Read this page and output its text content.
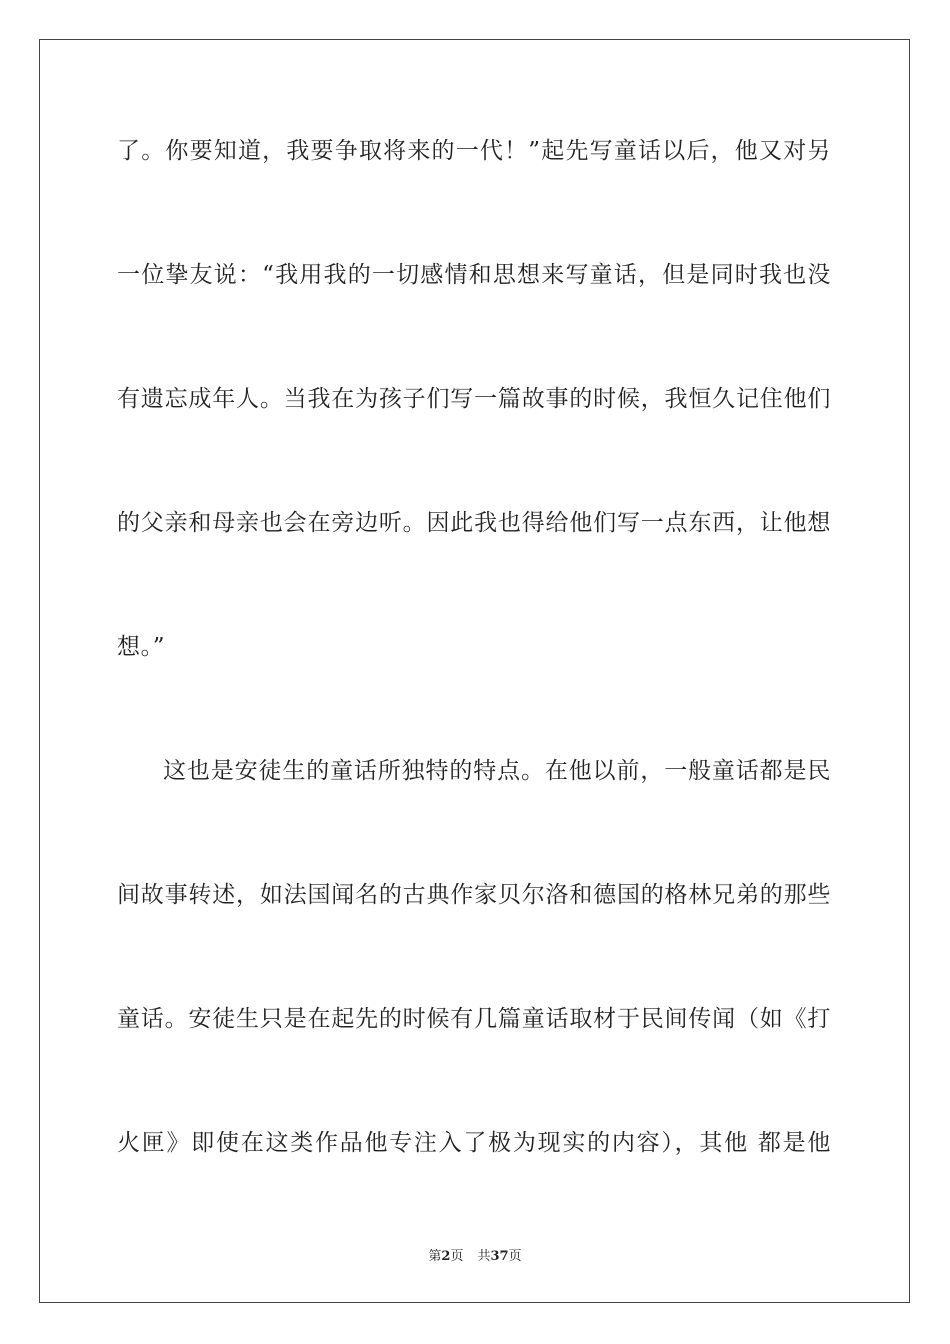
了。你要知道，我要争取将来的一代！”起先写童话以后，他又对另
一位挚友说：“我用我的一切感情和思想来写童话，但是同时我也没
有遗忘成年人。当我在为孩子们写一篇故事的时候，我恒久记住他们
的父亲和母亲也会在旁边听。因此我也得给他们写一点东西，让他想
想。”
这也是安徒生的童话所独特的特点。在他以前，一般童话都是民
间故事转述，如法国闻名的古典作家贝尔洛和德国的格林兄弟的那些
童话。安徒生只是在起先的时候有几篇童话取材于民间传闻（如《打
火匣》即使在这类作品他专注入了极为现实的内容），其他 都是他
第2页 共37页
